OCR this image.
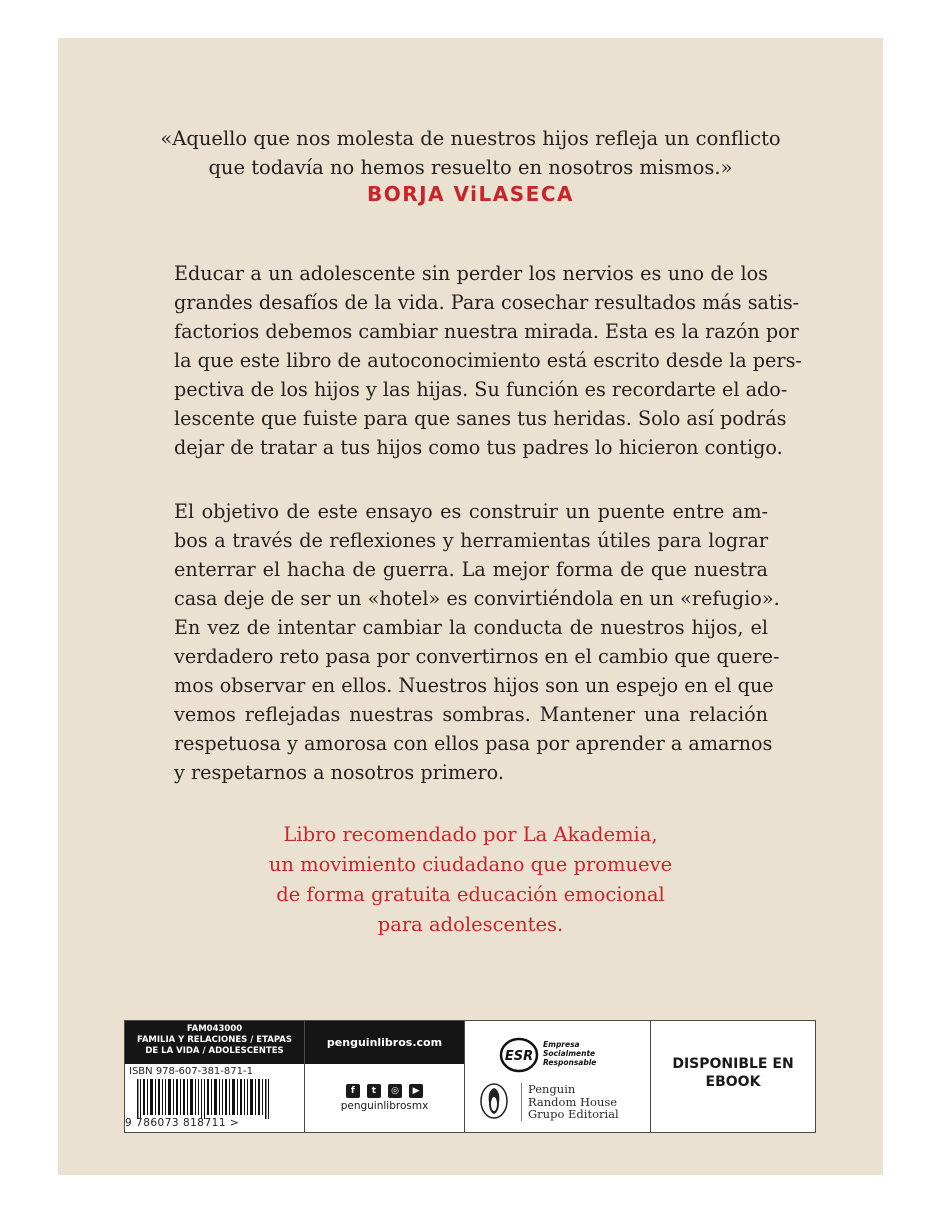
«Aquello que nos molesta de nuestros hijos refleja un conflicto
que todavía no hemos resuelto en nosotros mismos.»
BORJA ViLASECA
Educar a un adolescente sin perder los nervios es uno de los
grandes desafíos de la vida. Para cosechar resultados más satis-
factorios debemos cambiar nuestra mirada. Esta es la razón por
la que este libro de autoconocimiento está escrito desde la pers-
pectiva de los hijos y las hijas. Su función es recordarte el ado-
lescente que fuiste para que sanes tus heridas. Solo así podrás
dejar de tratar a tus hijos como tus padres lo hicieron contigo.
El objetivo de este ensayo es construir un puente entre am-
bos a través de reflexiones y herramientas útiles para lograr
enterrar el hacha de guerra. La mejor forma de que nuestra
casa deje de ser un «hotel» es convirtiéndola en un «refugio».
En vez de intentar cambiar la conducta de nuestros hijos, el
verdadero reto pasa por convertirnos en el cambio que quere-
mos observar en ellos. Nuestros hijos son un espejo en el que
vemos reflejadas nuestras sombras. Mantener una relación
respetuosa y amorosa con ellos pasa por aprender a amarnos
y respetarnos a nosotros primero.
Libro recomendado por La Akademia,
un movimiento ciudadano que promueve
de forma gratuita educación emocional
para adolescentes.
FAM043000
FAMILIA Y RELACIONES / ETAPAS
DE LA VIDA / ADOLESCENTES
ISBN 978-607-381-871-1
9 786073 818711 >
penguinlibros.com
f t ◎ ▶
penguinlibrosmx
ESR
Empresa
Socialmente
Responsable
Penguin
Random House
Grupo Editorial
DISPONIBLE EN
EBOOK
